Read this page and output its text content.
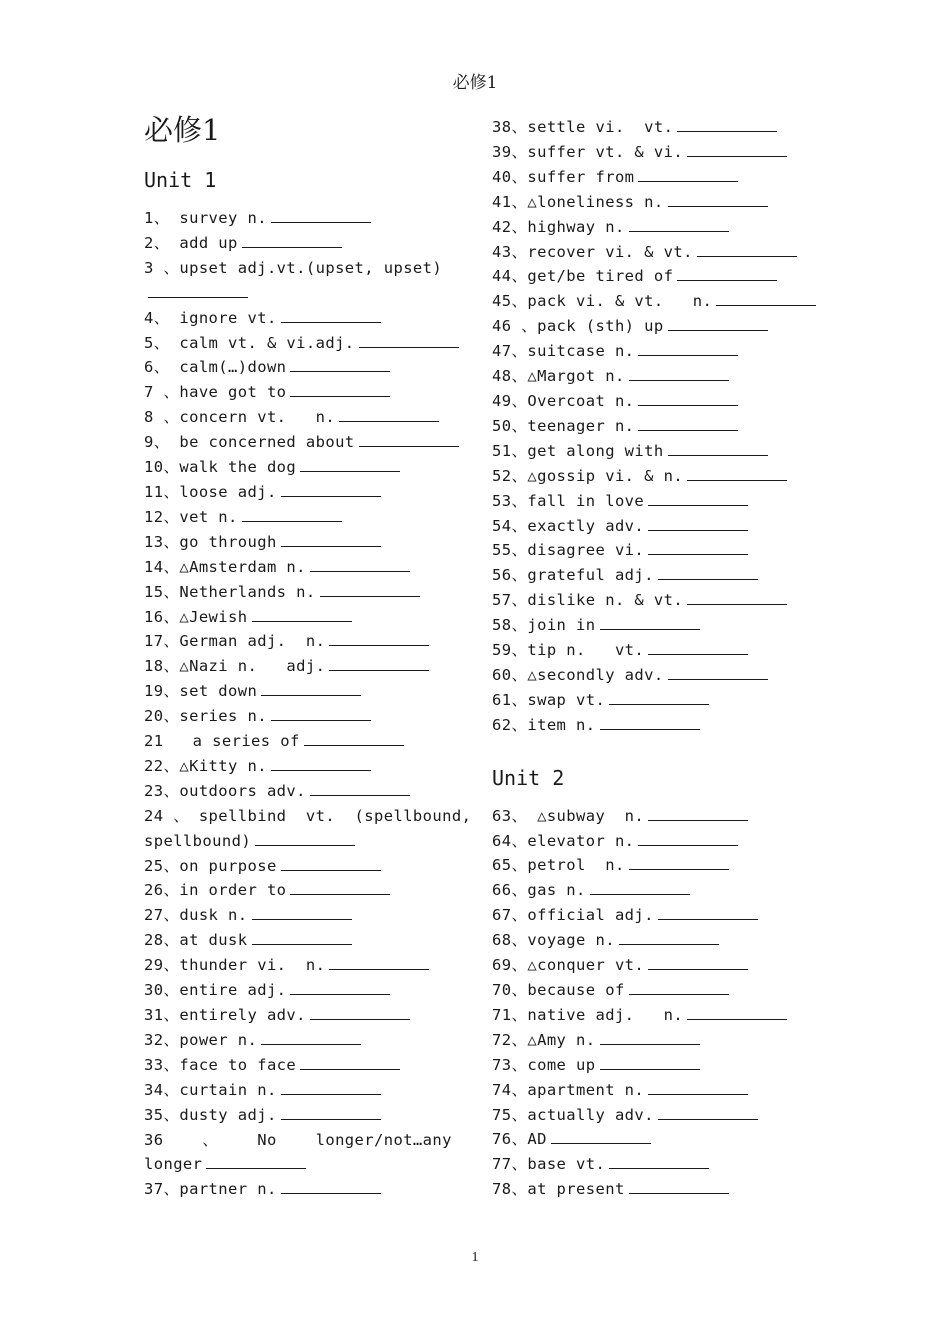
必修1
必修1
Unit 1
1、 survey n.
2、 add up
3 、upset adj.vt.(upset, upset)
4、 ignore vt.
5、 calm vt. & vi.adj.
6、 calm(…)down
7 、have got to
8 、concern vt.   n.
9、 be concerned about
10、walk the dog
11、loose adj.
12、vet n.
13、go through
14、△Amsterdam n.
15、Netherlands n.
16、△Jewish
17、German adj.  n.
18、△Nazi n.   adj.
19、set down
20、series n.
21   a series of
22、△Kitty n.
23、outdoors adv.
24 、 spellbind  vt.  (spellbound, spellbound)
25、on purpose
26、in order to
27、dusk n.
28、at dusk
29、thunder vi.  n.
30、entire adj.
31、entirely adv.
32、power n.
33、face to face
34、curtain n.
35、dusty adj.
36    、    No    longer/not…any longer
37、partner n.
38、settle vi.  vt.
39、suffer vt. & vi.
40、suffer from
41、△loneliness n.
42、highway n.
43、recover vi. & vt.
44、get/be tired of
45、pack vi. & vt.   n.
46 、pack (sth) up
47、suitcase n.
48、△Margot n.
49、Overcoat n.
50、teenager n.
51、get along with
52、△gossip vi. & n.
53、fall in love
54、exactly adv.
55、disagree vi.
56、grateful adj.
57、dislike n. & vt.
58、join in
59、tip n.   vt.
60、△secondly adv.
61、swap vt.
62、item n.
Unit 2
63、 △subway  n.
64、elevator n.
65、petrol  n.
66、gas n.
67、official adj.
68、voyage n.
69、△conquer vt.
70、because of
71、native adj.   n.
72、△Amy n.
73、come up
74、apartment n.
75、actually adv.
76、AD
77、base vt.
78、at present
1
